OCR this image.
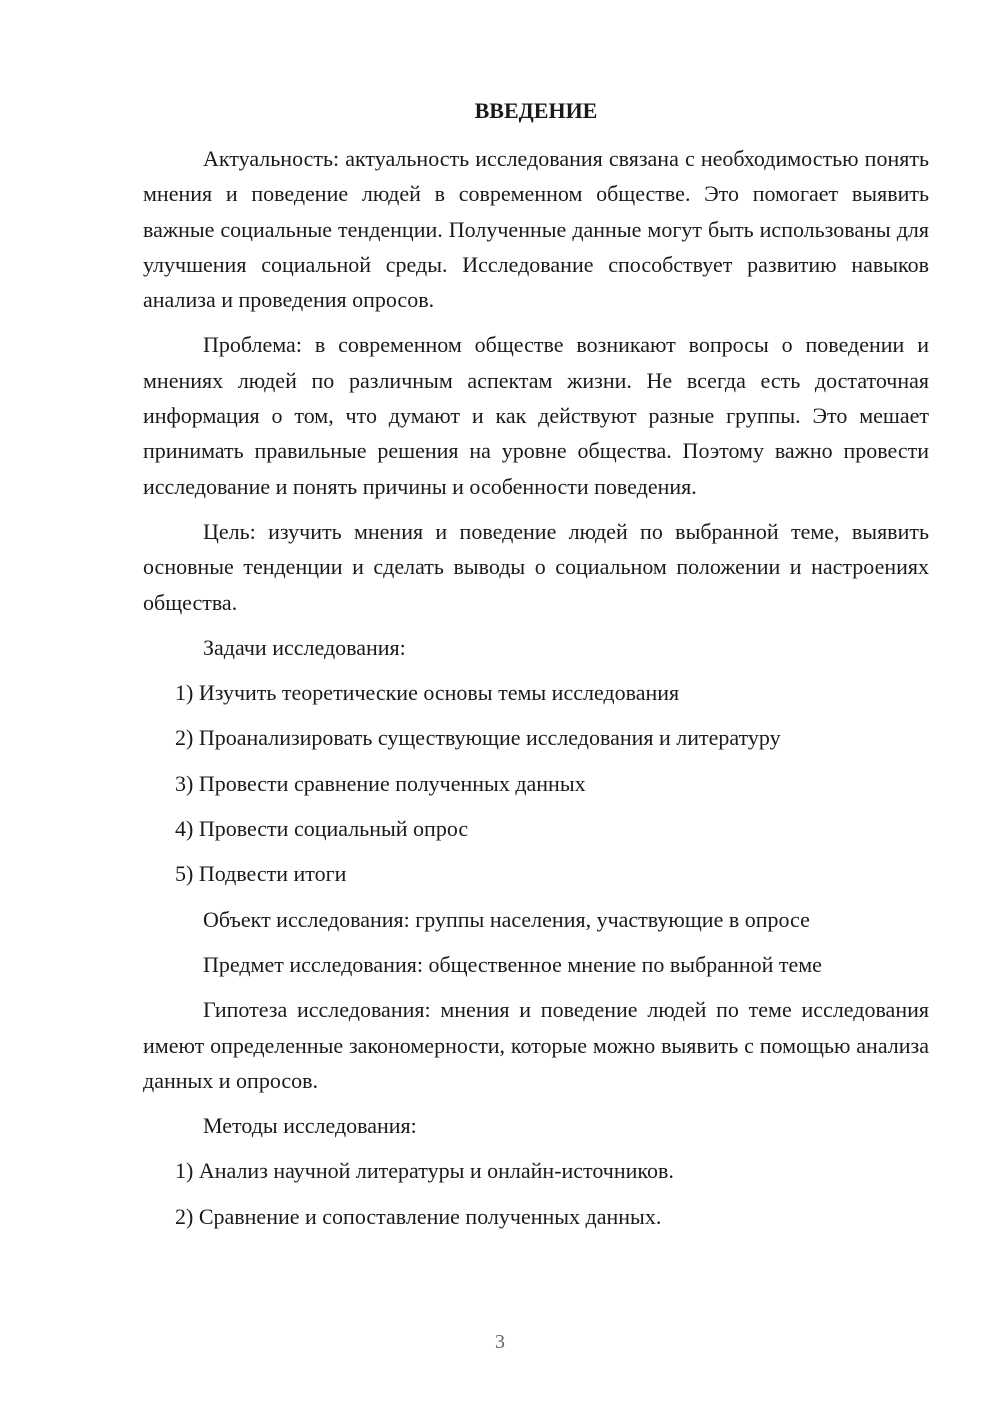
ВВЕДЕНИЕ

Актуальность: актуальность исследования связана с необходимостью понять мнения и поведение людей в современном обществе. Это помогает выявить важные социальные тенденции. Полученные данные могут быть использованы для улучшения социальной среды. Исследование способствует развитию навыков анализа и проведения опросов.

Проблема: в современном обществе возникают вопросы о поведении и мнениях людей по различным аспектам жизни. Не всегда есть достаточная информация о том, что думают и как действуют разные группы. Это мешает принимать правильные решения на уровне общества. Поэтому важно провести исследование и понять причины и особенности поведения.

Цель: изучить мнения и поведение людей по выбранной теме, выявить основные тенденции и сделать выводы о социальном положении и настроениях общества.

Задачи исследования:

1) Изучить теоретические основы темы исследования

2) Проанализировать существующие исследования и литературу

3) Провести сравнение полученных данных

4) Провести социальный опрос

5) Подвести итоги

Объект исследования: группы населения, участвующие в опросе

Предмет исследования: общественное мнение по выбранной теме

Гипотеза исследования: мнения и поведение людей по теме исследования имеют определенные закономерности, которые можно выявить с помощью анализа данных и опросов.

Методы исследования:

1) Анализ научной литературы и онлайн-источников.

2) Сравнение и сопоставление полученных данных.

3
